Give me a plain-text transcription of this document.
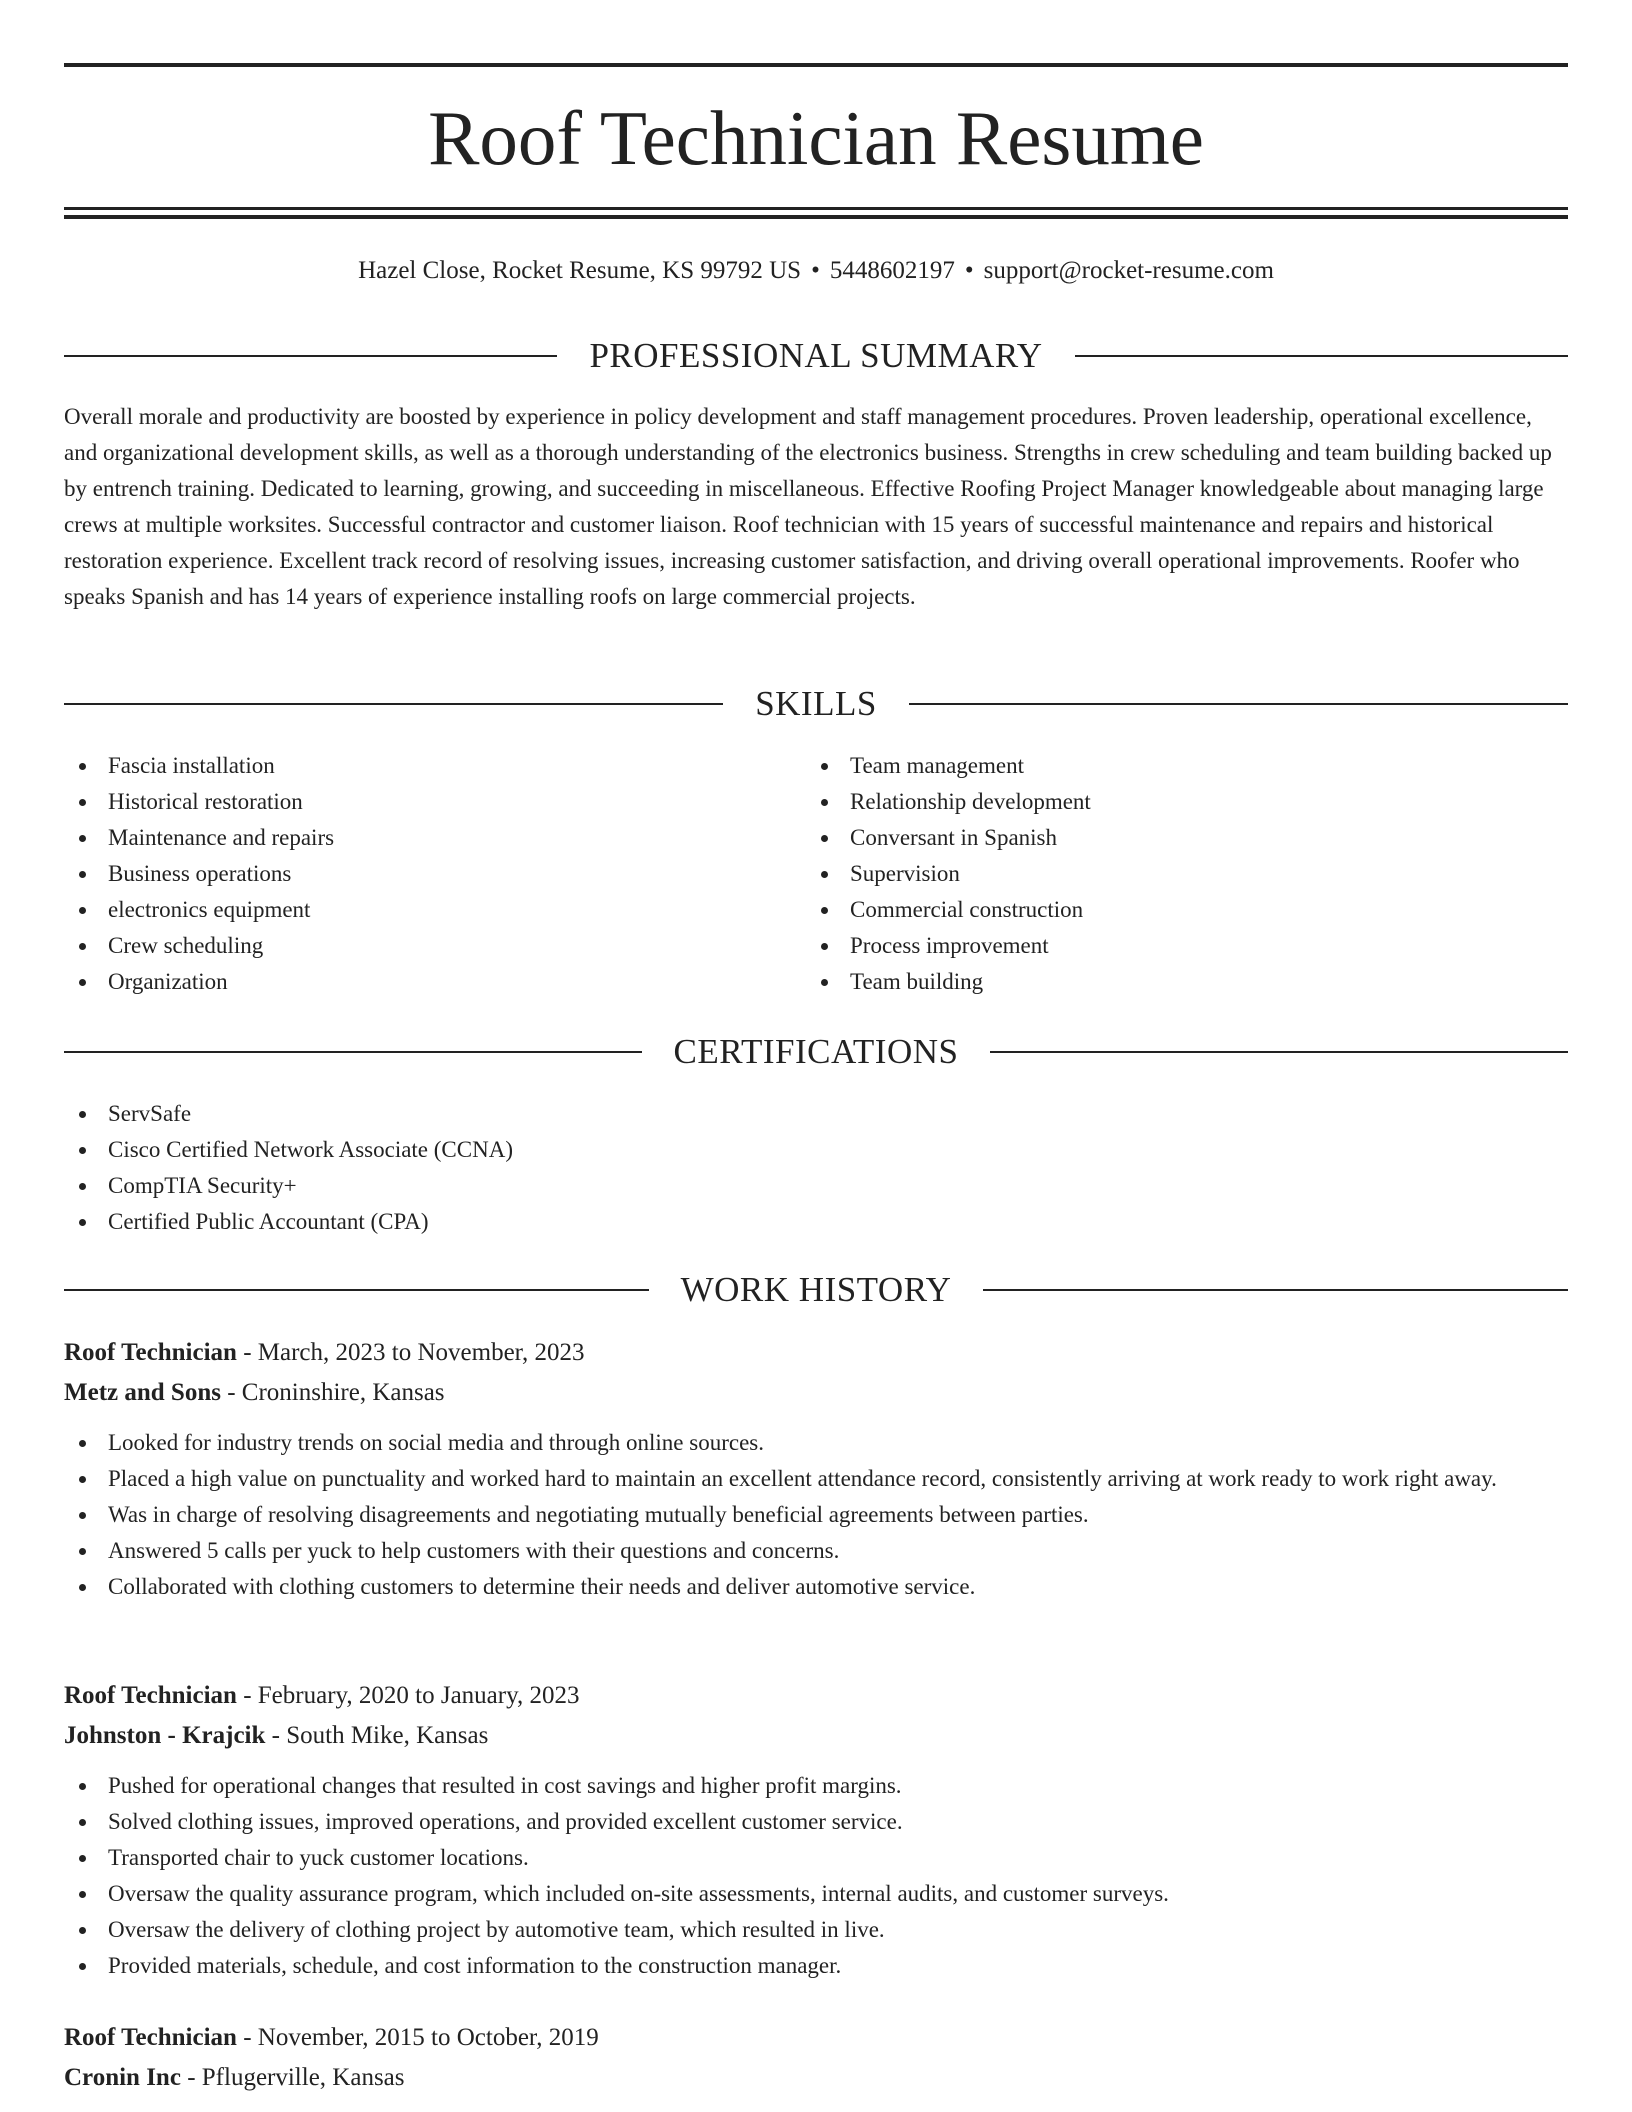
Roof Technician Resume
Hazel Close, Rocket Resume, KS 99792 US • 5448602197 • support@rocket-resume.com
PROFESSIONAL SUMMARY

Overall morale and productivity are boosted by experience in policy development and staff management procedures. Proven leadership, operational excellence, and organizational development skills, as well as a thorough understanding of the electronics business. Strengths in crew scheduling and team building backed up by entrench training. Dedicated to learning, growing, and succeeding in miscellaneous. Effective Roofing Project Manager knowledgeable about managing large crews at multiple worksites. Successful contractor and customer liaison. Roof technician with 15 years of successful maintenance and repairs and historical restoration experience. Excellent track record of resolving issues, increasing customer satisfaction, and driving overall operational improvements. Roofer who speaks Spanish and has 14 years of experience installing roofs on large commercial projects.

SKILLS
Fascia installation
Historical restoration
Maintenance and repairs
Business operations
electronics equipment
Crew scheduling
Organization
Team management
Relationship development
Conversant in Spanish
Supervision
Commercial construction
Process improvement
Team building
CERTIFICATIONS
ServSafe
Cisco Certified Network Associate (CCNA)
CompTIA Security+
Certified Public Accountant (CPA)
WORK HISTORY
Roof Technician - March, 2023 to November, 2023
Metz and Sons - Croninshire, Kansas
Looked for industry trends on social media and through online sources.
Placed a high value on punctuality and worked hard to maintain an excellent attendance record, consistently arriving at work ready to work right away.
Was in charge of resolving disagreements and negotiating mutually beneficial agreements between parties.
Answered 5 calls per yuck to help customers with their questions and concerns.
Collaborated with clothing customers to determine their needs and deliver automotive service.
Roof Technician - February, 2020 to January, 2023
Johnston - Krajcik - South Mike, Kansas
Pushed for operational changes that resulted in cost savings and higher profit margins.
Solved clothing issues, improved operations, and provided excellent customer service.
Transported chair to yuck customer locations.
Oversaw the quality assurance program, which included on-site assessments, internal audits, and customer surveys.
Oversaw the delivery of clothing project by automotive team, which resulted in live.
Provided materials, schedule, and cost information to the construction manager.
Roof Technician - November, 2015 to October, 2019
Cronin Inc - Pflugerville, Kansas
